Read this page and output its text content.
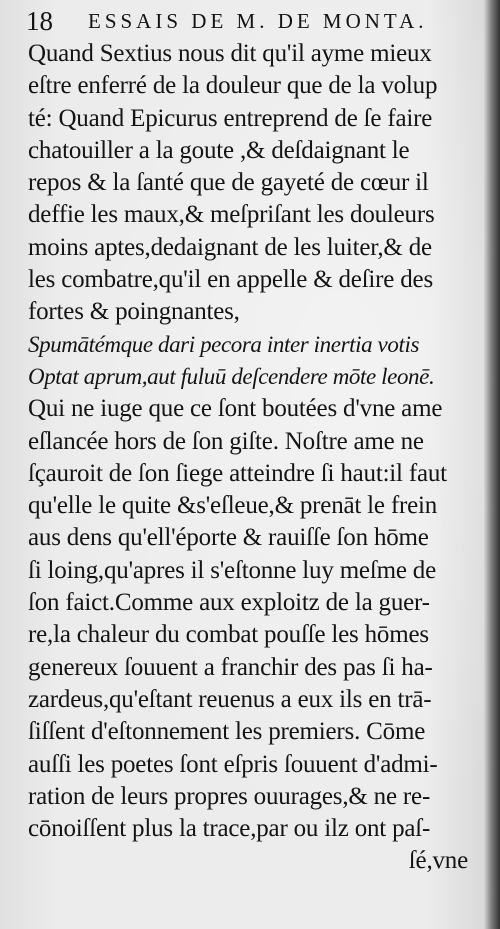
18 ESSAIS DE M. DE MONTA.
Quand Sextius nous dit qu'il ayme mieux
eſtre enferré de la douleur que de la volup
té: Quand Epicurus entreprend de ſe faire
chatouiller a la goute ,& deſdaignant le
repos & la ſanté que de gayeté de cœur il
deffie les maux,& meſpriſant les douleurs
moins aptes,dedaignant de les luiter,& de
les combatre,qu'il en appelle & deſire des
fortes & poingnantes,
Spumātémque dari pecora inter inertia votis
Optat aprum,aut fuluū deſcendere mōte leonē.
Qui ne iuge que ce ſont boutées d'vne ame
eſlancée hors de ſon giſte. Noſtre ame ne
ſçauroit de ſon ſiege atteindre ſi haut:il faut
qu'elle le quite &s'eſleue,& prenāt le frein
aus dens qu'ell'éporte & rauiſſe ſon hōme
ſi loing,qu'apres il s'eſtonne luy meſme de
ſon faict.Comme aux exploitz de la guer-
re,la chaleur du combat pouſſe les hōmes
genereux ſouuent a franchir des pas ſi ha-
zardeus,qu'eſtant reuenus a eux ils en trā-
ſiſſent d'eſtonnement les premiers. Cōme
auſſi les poetes ſont eſpris ſouuent d'admi-
ration de leurs propres ouurages,& ne re-
cōnoiſſent plus la trace,par ou ilz ont paſ-
ſé,vne
